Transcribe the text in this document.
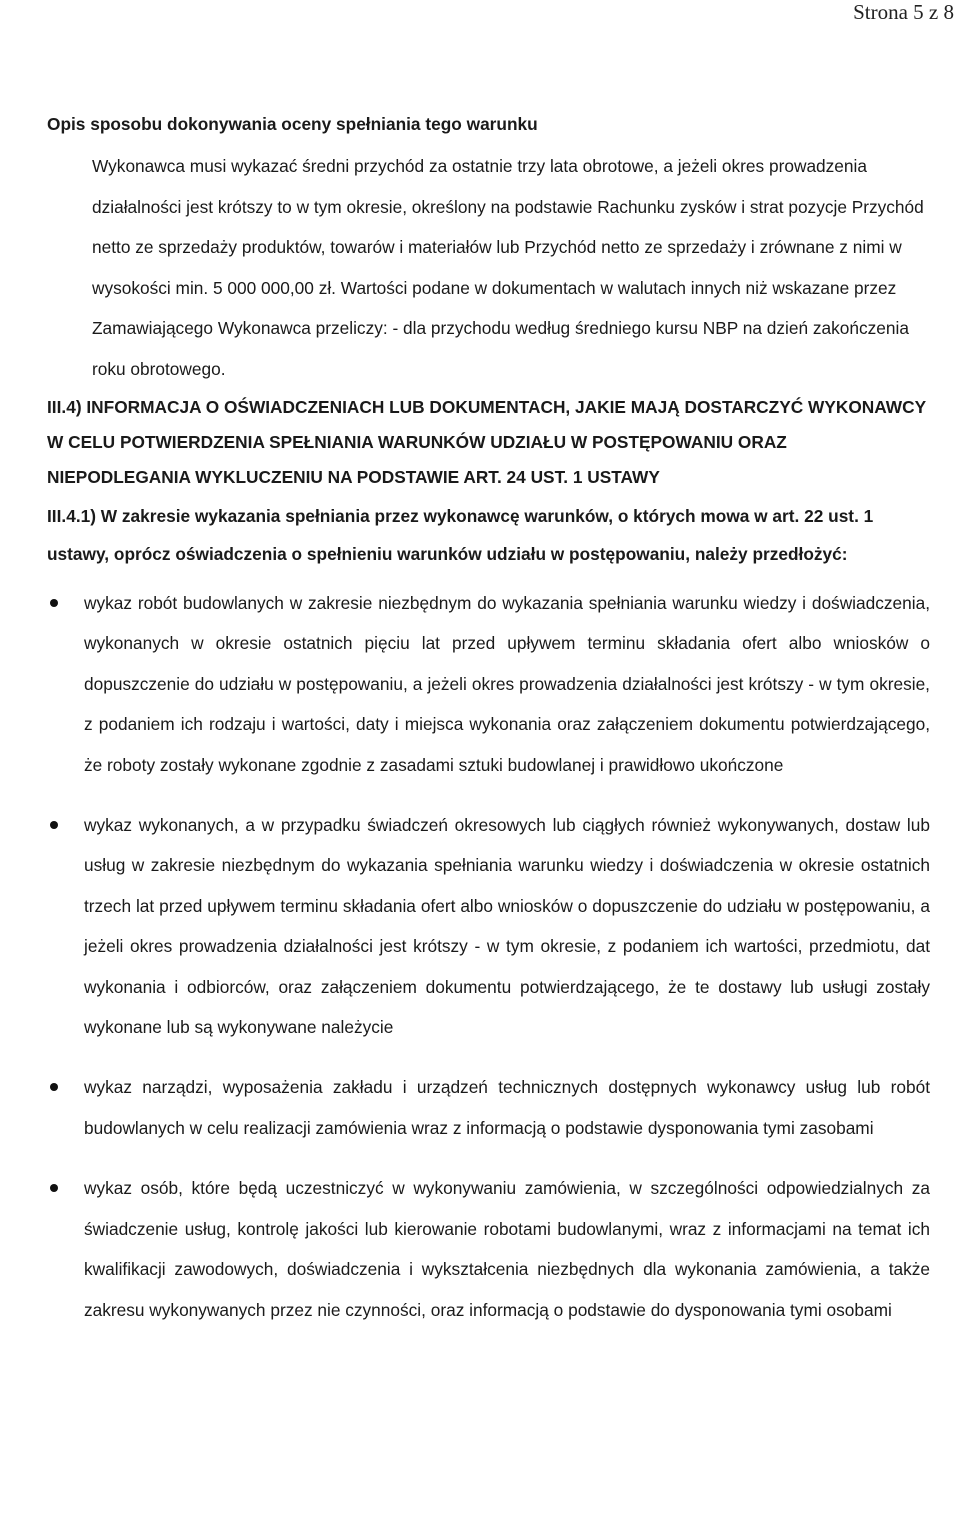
Strona 5 z 8

Opis sposobu dokonywania oceny spełniania tego warunku

Wykonawca musi wykazać średni przychód za ostatnie trzy lata obrotowe, a jeżeli okres prowadzenia działalności jest krótszy to w tym okresie, określony na podstawie Rachunku zysków i strat pozycje Przychód netto ze sprzedaży produktów, towarów i materiałów lub Przychód netto ze sprzedaży i zrównane z nimi w wysokości min. 5 000 000,00 zł. Wartości podane w dokumentach w walutach innych niż wskazane przez Zamawiającego Wykonawca przeliczy: - dla przychodu według średniego kursu NBP na dzień zakończenia roku obrotowego.

III.4) INFORMACJA O OŚWIADCZENIACH LUB DOKUMENTACH, JAKIE MAJĄ DOSTARCZYĆ WYKONAWCY W CELU POTWIERDZENIA SPEŁNIANIA WARUNKÓW UDZIAŁU W POSTĘPOWANIU ORAZ NIEPODLEGANIA WYKLUCZENIU NA PODSTAWIE ART. 24 UST. 1 USTAWY

III.4.1) W zakresie wykazania spełniania przez wykonawcę warunków, o których mowa w art. 22 ust. 1 ustawy, oprócz oświadczenia o spełnieniu warunków udziału w postępowaniu, należy przedłożyć:

wykaz robót budowlanych w zakresie niezbędnym do wykazania spełniania warunku wiedzy i doświadczenia, wykonanych w okresie ostatnich pięciu lat przed upływem terminu składania ofert albo wniosków o dopuszczenie do udziału w postępowaniu, a jeżeli okres prowadzenia działalności jest krótszy - w tym okresie, z podaniem ich rodzaju i wartości, daty i miejsca wykonania oraz załączeniem dokumentu potwierdzającego, że roboty zostały wykonane zgodnie z zasadami sztuki budowlanej i prawidłowo ukończone
wykaz wykonanych, a w przypadku świadczeń okresowych lub ciągłych również wykonywanych, dostaw lub usług w zakresie niezbędnym do wykazania spełniania warunku wiedzy i doświadczenia w okresie ostatnich trzech lat przed upływem terminu składania ofert albo wniosków o dopuszczenie do udziału w postępowaniu, a jeżeli okres prowadzenia działalności jest krótszy - w tym okresie, z podaniem ich wartości, przedmiotu, dat wykonania i odbiorców, oraz załączeniem dokumentu potwierdzającego, że te dostawy lub usługi zostały wykonane lub są wykonywane należycie
wykaz narządzi, wyposażenia zakładu i urządzeń technicznych dostępnych wykonawcy usług lub robót budowlanych w celu realizacji zamówienia wraz z informacją o podstawie dysponowania tymi zasobami
wykaz osób, które będą uczestniczyć w wykonywaniu zamówienia, w szczególności odpowiedzialnych za świadczenie usług, kontrolę jakości lub kierowanie robotami budowlanymi, wraz z informacjami na temat ich kwalifikacji zawodowych, doświadczenia i wykształcenia niezbędnych dla wykonania zamówienia, a także zakresu wykonywanych przez nie czynności, oraz informacją o podstawie do dysponowania tymi osobami
